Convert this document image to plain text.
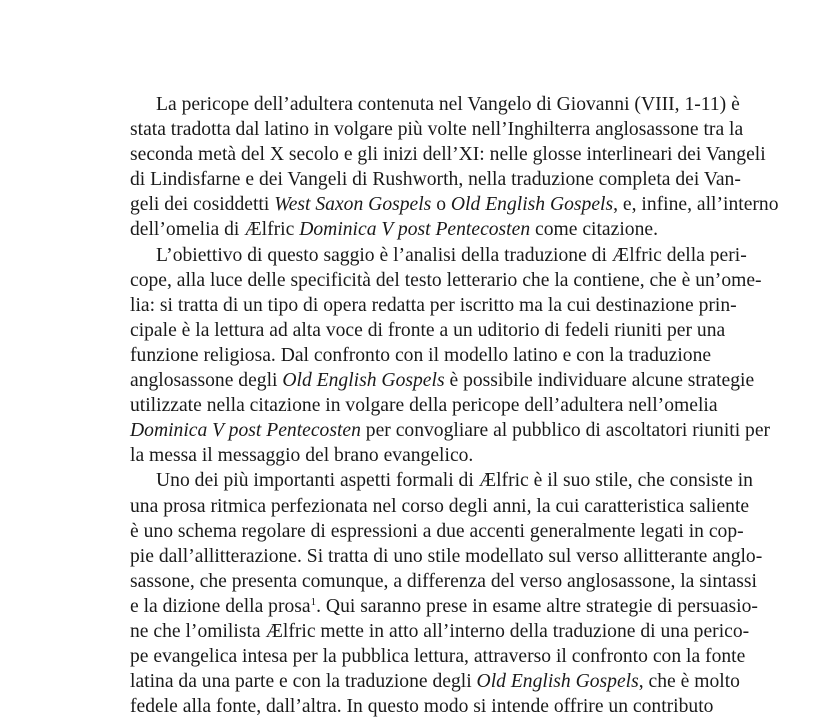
La pericope dell’adultera contenuta nel Vangelo di Giovanni (VIII, 1-11) è
stata tradotta dal latino in volgare più volte nell’Inghilterra anglosassone tra la
seconda metà del X secolo e gli inizi dell’XI: nelle glosse interlineari dei Vangeli
di Lindisfarne e dei Vangeli di Rushworth, nella traduzione completa dei Van-
geli dei cosiddetti West Saxon Gospels o Old English Gospels, e, infine, all’interno
dell’omelia di Ælfric Dominica V post Pentecosten come citazione.
L’obiettivo di questo saggio è l’analisi della traduzione di Ælfric della peri-
cope, alla luce delle specificità del testo letterario che la contiene, che è un’ome-
lia: si tratta di un tipo di opera redatta per iscritto ma la cui destinazione prin-
cipale è la lettura ad alta voce di fronte a un uditorio di fedeli riuniti per una
funzione religiosa. Dal confronto con il modello latino e con la traduzione
anglosassone degli Old English Gospels è possibile individuare alcune strategie
utilizzate nella citazione in volgare della pericope dell’adultera nell’omelia
Dominica V post Pentecosten per convogliare al pubblico di ascoltatori riuniti per
la messa il messaggio del brano evangelico.
Uno dei più importanti aspetti formali di Ælfric è il suo stile, che consiste in
una prosa ritmica perfezionata nel corso degli anni, la cui caratteristica saliente
è uno schema regolare di espressioni a due accenti generalmente legati in cop-
pie dall’allitterazione. Si tratta di uno stile modellato sul verso allitterante anglo-
sassone, che presenta comunque, a differenza del verso anglosassone, la sintassi
e la dizione della prosa$^1$. Qui saranno prese in esame altre strategie di persuasio-
ne che l’omilista Ælfric mette in atto all’interno della traduzione di una perico-
pe evangelica intesa per la pubblica lettura, attraverso il confronto con la fonte
latina da una parte e con la traduzione degli Old English Gospels, che è molto
fedele alla fonte, dall’altra. In questo modo si intende offrire un contributo
